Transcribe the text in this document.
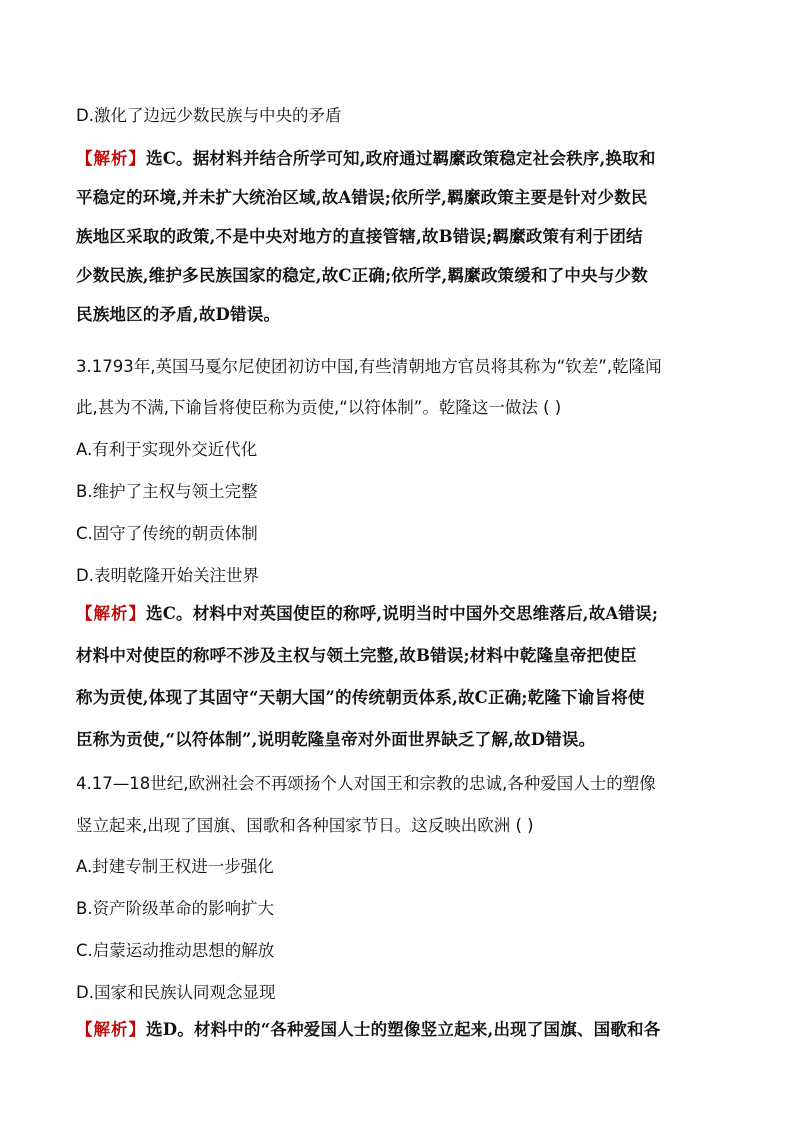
D.激化了边远少数民族与中央的矛盾
【解析】选C。据材料并结合所学可知,政府通过羁縻政策稳定社会秩序,换取和
平稳定的环境,并未扩大统治区域,故A错误;依所学,羁縻政策主要是针对少数民
族地区采取的政策,不是中央对地方的直接管辖,故B错误;羁縻政策有利于团结
少数民族,维护多民族国家的稳定,故C正确;依所学,羁縻政策缓和了中央与少数
民族地区的矛盾,故D错误。
3.1793年,英国马戛尔尼使团初访中国,有些清朝地方官员将其称为“钦差”,乾隆闻
此,甚为不满,下谕旨将使臣称为贡使,“以符体制”。乾隆这一做法 ( )
A.有利于实现外交近代化
B.维护了主权与领土完整
C.固守了传统的朝贡体制
D.表明乾隆开始关注世界
【解析】选C。材料中对英国使臣的称呼,说明当时中国外交思维落后,故A错误;
材料中对使臣的称呼不涉及主权与领土完整,故B错误;材料中乾隆皇帝把使臣
称为贡使,体现了其固守“天朝大国”的传统朝贡体系,故C正确;乾隆下谕旨将使
臣称为贡使,“以符体制”,说明乾隆皇帝对外面世界缺乏了解,故D错误。
4.17—18世纪,欧洲社会不再颂扬个人对国王和宗教的忠诚,各种爱国人士的塑像
竖立起来,出现了国旗、国歌和各种国家节日。这反映出欧洲 ( )
A.封建专制王权进一步强化
B.资产阶级革命的影响扩大
C.启蒙运动推动思想的解放
D.国家和民族认同观念显现
【解析】选D。材料中的“各种爱国人士的塑像竖立起来,出现了国旗、国歌和各
